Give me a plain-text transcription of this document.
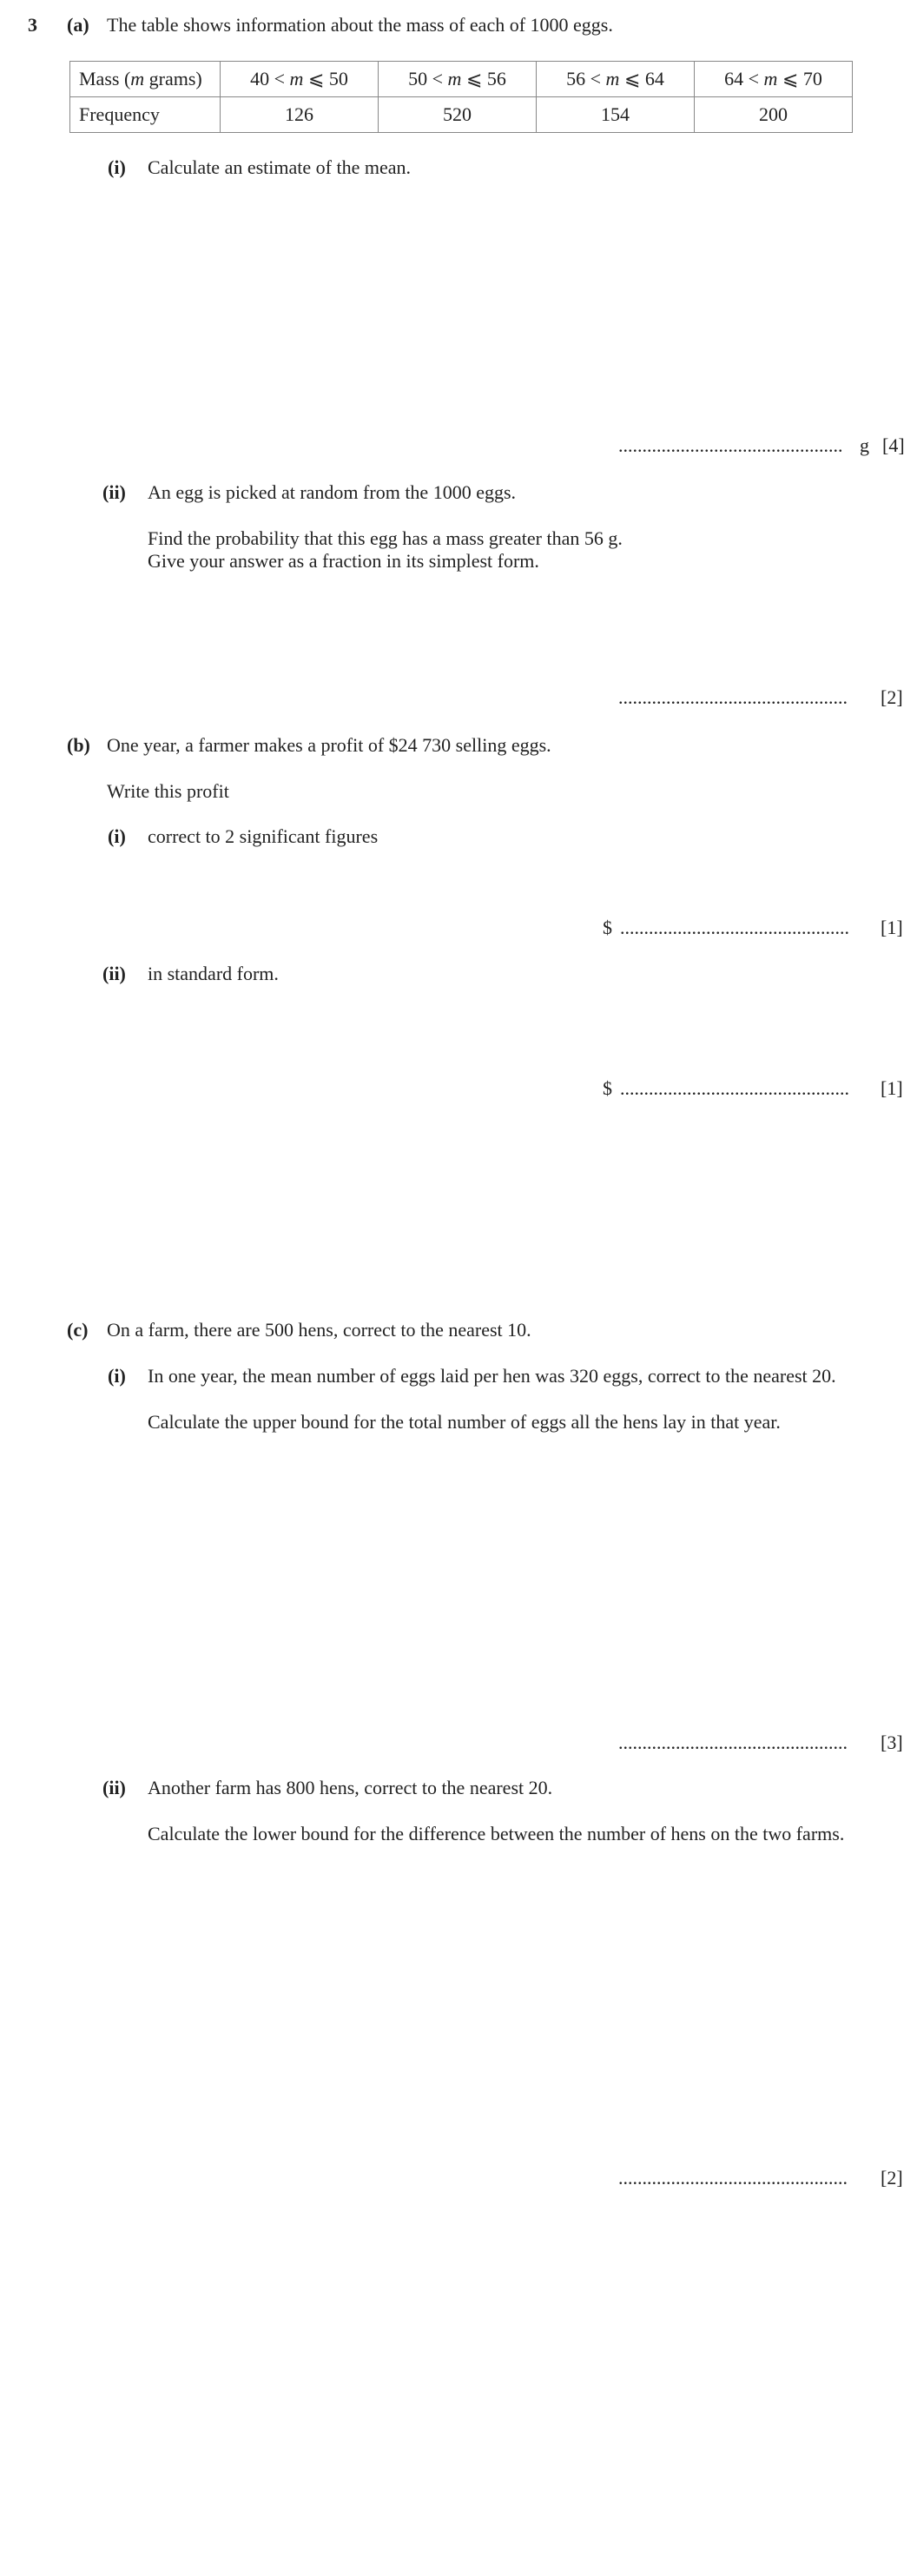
3 (a) The table shows information about the mass of each of 1000 eggs.
Mass (m grams)	40 < m ⩽ 50	50 < m ⩽ 56	56 < m ⩽ 64	64 < m ⩽ 70
Frequency	126	520	154	200
(i) Calculate an estimate of the mean.
............................................... g [4]
(ii) An egg is picked at random from the 1000 eggs.
Find the probability that this egg has a mass greater than 56 g.
Give your answer as a fraction in its simplest form.
................................................ [2]
(b) One year, a farmer makes a profit of $24 730 selling eggs.
Write this profit
(i) correct to 2 significant figures
$ ................................................ [1]
(ii) in standard form.
$ ................................................ [1]
(c) On a farm, there are 500 hens, correct to the nearest 10.
(i) In one year, the mean number of eggs laid per hen was 320 eggs, correct to the nearest 20.
Calculate the upper bound for the total number of eggs all the hens lay in that year.
................................................ [3]
(ii) Another farm has 800 hens, correct to the nearest 20.
Calculate the lower bound for the difference between the number of hens on the two farms.
................................................ [2]
